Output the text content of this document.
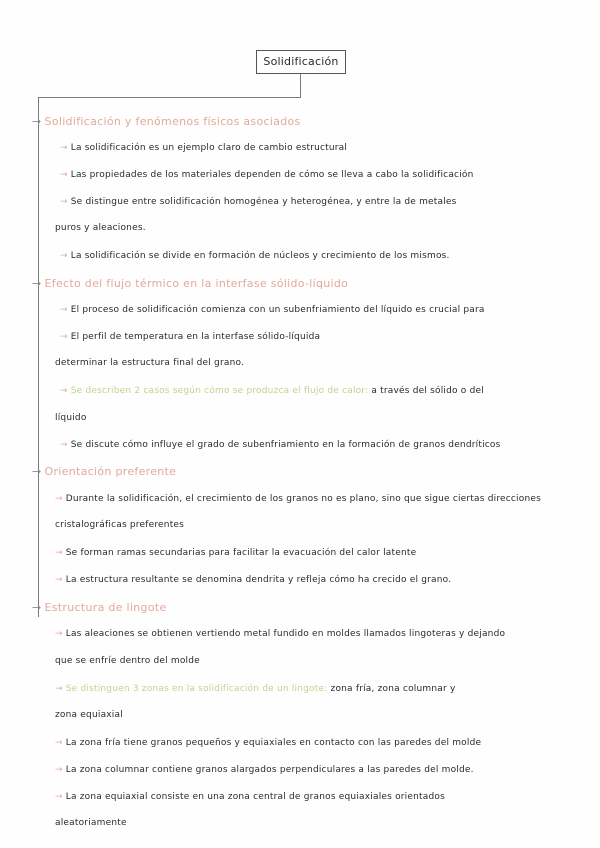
Solidificación
→ Solidificación y fenómenos físicos asociados
→ La solidificación es un ejemplo claro de cambio estructural
→ Las propiedades de los materiales dependen de cómo se lleva a cabo la solidificación
→ Se distingue entre solidificación homogénea y heterogénea, y entre la de metales
puros y aleaciones.
→ La solidificación se divide en formación de núcleos y crecimiento de los mismos.
→ Efecto del flujo térmico en la interfase sólido-líquido
→ El proceso de solidificación comienza con un subenfriamiento del líquido es crucial para
→ El perfil de temperatura en la interfase sólido-líquida
determinar la estructura final del grano.
→ Se describen 2 casos según cómo se produzca el flujo de calor: a través del sólido o del
líquido
→ Se discute cómo influye el grado de subenfriamiento en la formación de granos dendríticos
→ Orientación preferente
→ Durante la solidificación, el crecimiento de los granos no es plano, sino que sigue ciertas direcciones
cristalográficas preferentes
→ Se forman ramas secundarias para facilitar la evacuación del calor latente
→ La estructura resultante se denomina dendrita y refleja cómo ha crecido el grano.
→ Estructura de lingote
→ Las aleaciones se obtienen vertiendo metal fundido en moldes llamados lingoteras y dejando
que se enfríe dentro del molde
→ Se distinguen 3 zonas en la solidificación de un lingote: zona fría, zona columnar y
zona equiaxial
→ La zona fría tiene granos pequeños y equiaxiales en contacto con las paredes del molde
→ La zona columnar contiene granos alargados perpendiculares a las paredes del molde.
→ La zona equiaxial consiste en una zona central de granos equiaxiales orientados
aleatoriamente
